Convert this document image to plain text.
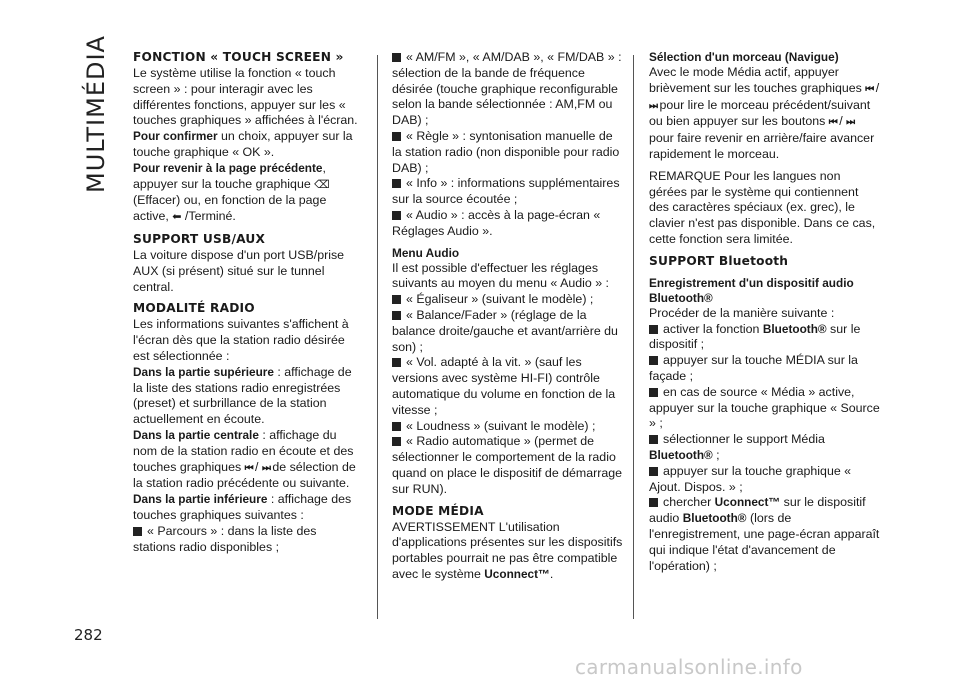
MULTIMÉDIA
282
FONCTION « TOUCH SCREEN »

Le système utilise la fonction « touch screen » : pour interagir avec les différentes fonctions, appuyer sur les « touches graphiques » affichées à l'écran.

Pour confirmer un choix, appuyer sur la touche graphique « OK ».

Pour revenir à la page précédente, appuyer sur la touche graphique ⌫ (Effacer) ou, en fonction de la page active, ⬅ /Terminé.

SUPPORT USB/AUX

La voiture dispose d'un port USB/prise AUX (si présent) situé sur le tunnel central.

MODALITÉ RADIO

Les informations suivantes s'affichent à l'écran dès que la station radio désirée est sélectionnée :

Dans la partie supérieure : affichage de la liste des stations radio enregistrées (preset) et surbrillance de la station actuellement en écoute.

Dans la partie centrale : affichage du nom de la station radio en écoute et des touches graphiques ⏮ / ⏭ de sélection de la station radio précédente ou suivante.

Dans la partie inférieure : affichage des touches graphiques suivantes :

« Parcours » : dans la liste des stations radio disponibles ;

« AM/FM », « AM/DAB », « FM/DAB » : sélection de la bande de fréquence désirée (touche graphique reconfigurable selon la bande sélectionnée : AM,FM ou DAB) ;

« Règle » : syntonisation manuelle de la station radio (non disponible pour radio DAB) ;

« Info » : informations supplémentaires sur la source écoutée ;

« Audio » : accès à la page-écran « Réglages Audio ».

Menu Audio

Il est possible d'effectuer les réglages suivants au moyen du menu « Audio » :

« Égaliseur » (suivant le modèle) ;

« Balance/Fader » (réglage de la balance droite/gauche et avant/arrière du son) ;

« Vol. adapté à la vit. » (sauf les versions avec système HI-FI) contrôle automatique du volume en fonction de la vitesse ;

« Loudness » (suivant le modèle) ;

« Radio automatique » (permet de sélectionner le comportement de la radio quand on place le dispositif de démarrage sur RUN).

MODE MÉDIA

AVERTISSEMENT L'utilisation d'applications présentes sur les dispositifs portables pourrait ne pas être compatible avec le système Uconnect™.

Sélection d'un morceau (Navigue)

Avec le mode Média actif, appuyer brièvement sur les touches graphiques ⏮ / ⏭ pour lire le morceau précédent/suivant ou bien appuyer sur les boutons ⏮ / ⏭ pour faire revenir en arrière/faire avancer rapidement le morceau.

REMARQUE Pour les langues non gérées par le système qui contiennent des caractères spéciaux (ex. grec), le clavier n'est pas disponible. Dans ce cas, cette fonction sera limitée.

SUPPORT Bluetooth
Enregistrement d'un dispositif audio Bluetooth®

Procéder de la manière suivante :

activer la fonction Bluetooth® sur le dispositif ;

appuyer sur la touche MÉDIA sur la façade ;

en cas de source « Média » active, appuyer sur la touche graphique « Source » ;

sélectionner le support Média Bluetooth® ;

appuyer sur la touche graphique « Ajout. Dispos. » ;

chercher Uconnect™ sur le dispositif audio Bluetooth® (lors de l'enregistrement, une page-écran apparaît qui indique l'état d'avancement de l'opération) ;

carmanualsonline.info
